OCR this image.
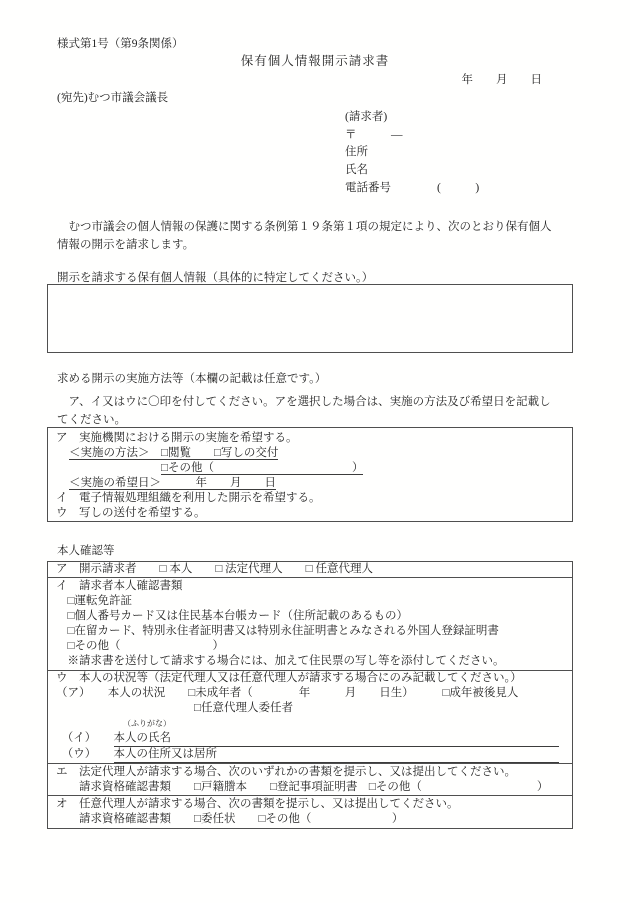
様式第1号（第9条関係）
保有個人情報開示請求書
年　　月　　日
(宛先)むつ市議会議長
(請求者)
〒　　　―
住所
氏名
電話番号　　　　(　　　)
　むつ市議会の個人情報の保護に関する条例第１９条第１項の規定により、次のとおり保有個人
情報の開示を請求します。
開示を請求する保有個人情報（具体的に特定してください。）
求める開示の実施方法等（本欄の記載は任意です。）
　ア、イ又はウに〇印を付してください。アを選択した場合は、実施の方法及び希望日を記載し
てください。
ア　実施機関における開示の実施を希望する。
＜実施の方法＞　□閲覧　　□写しの交付
□その他（　　　　　　　　　　　　）
＜実施の希望日＞　　　年　　月　　日
イ　電子情報処理組織を利用した開示を希望する。
ウ　写しの送付を希望する。
本人確認等
ア　開示請求者　　□ 本人　　□ 法定代理人　　□ 任意代理人
イ　請求者本人確認書類
　□運転免許証
　□個人番号カード又は住民基本台帳カード（住所記載のあるもの）
　□在留カード、特別永住者証明書又は特別永住証明書とみなされる外国人登録証明書
　□その他（　　　　　　　　）
　※請求書を送付して請求する場合には、加えて住民票の写し等を添付してください。
ウ　本人の状況等（法定代理人又は任意代理人が請求する場合にのみ記載してください。）
（ア）　　本人の状況　　□未成年者（　　　　年　　　月　　日生）　　　□成年被後見人
　　　　　　　　　　　　□任意代理人委任者
（ふりがな）
　（イ）　　 本人の氏名
　（ウ）　　 本人の住所又は居所
エ　法定代理人が請求する場合、次のいずれかの書類を提示し、又は提出してください。
　　請求資格確認書類　　□戸籍謄本　　□登記事項証明書　□その他（　　　　　　　　　　）
オ　任意代理人が請求する場合、次の書類を提示し、又は提出してください。
　　請求資格確認書類　　□委任状　　□その他（　　　　　　　）
